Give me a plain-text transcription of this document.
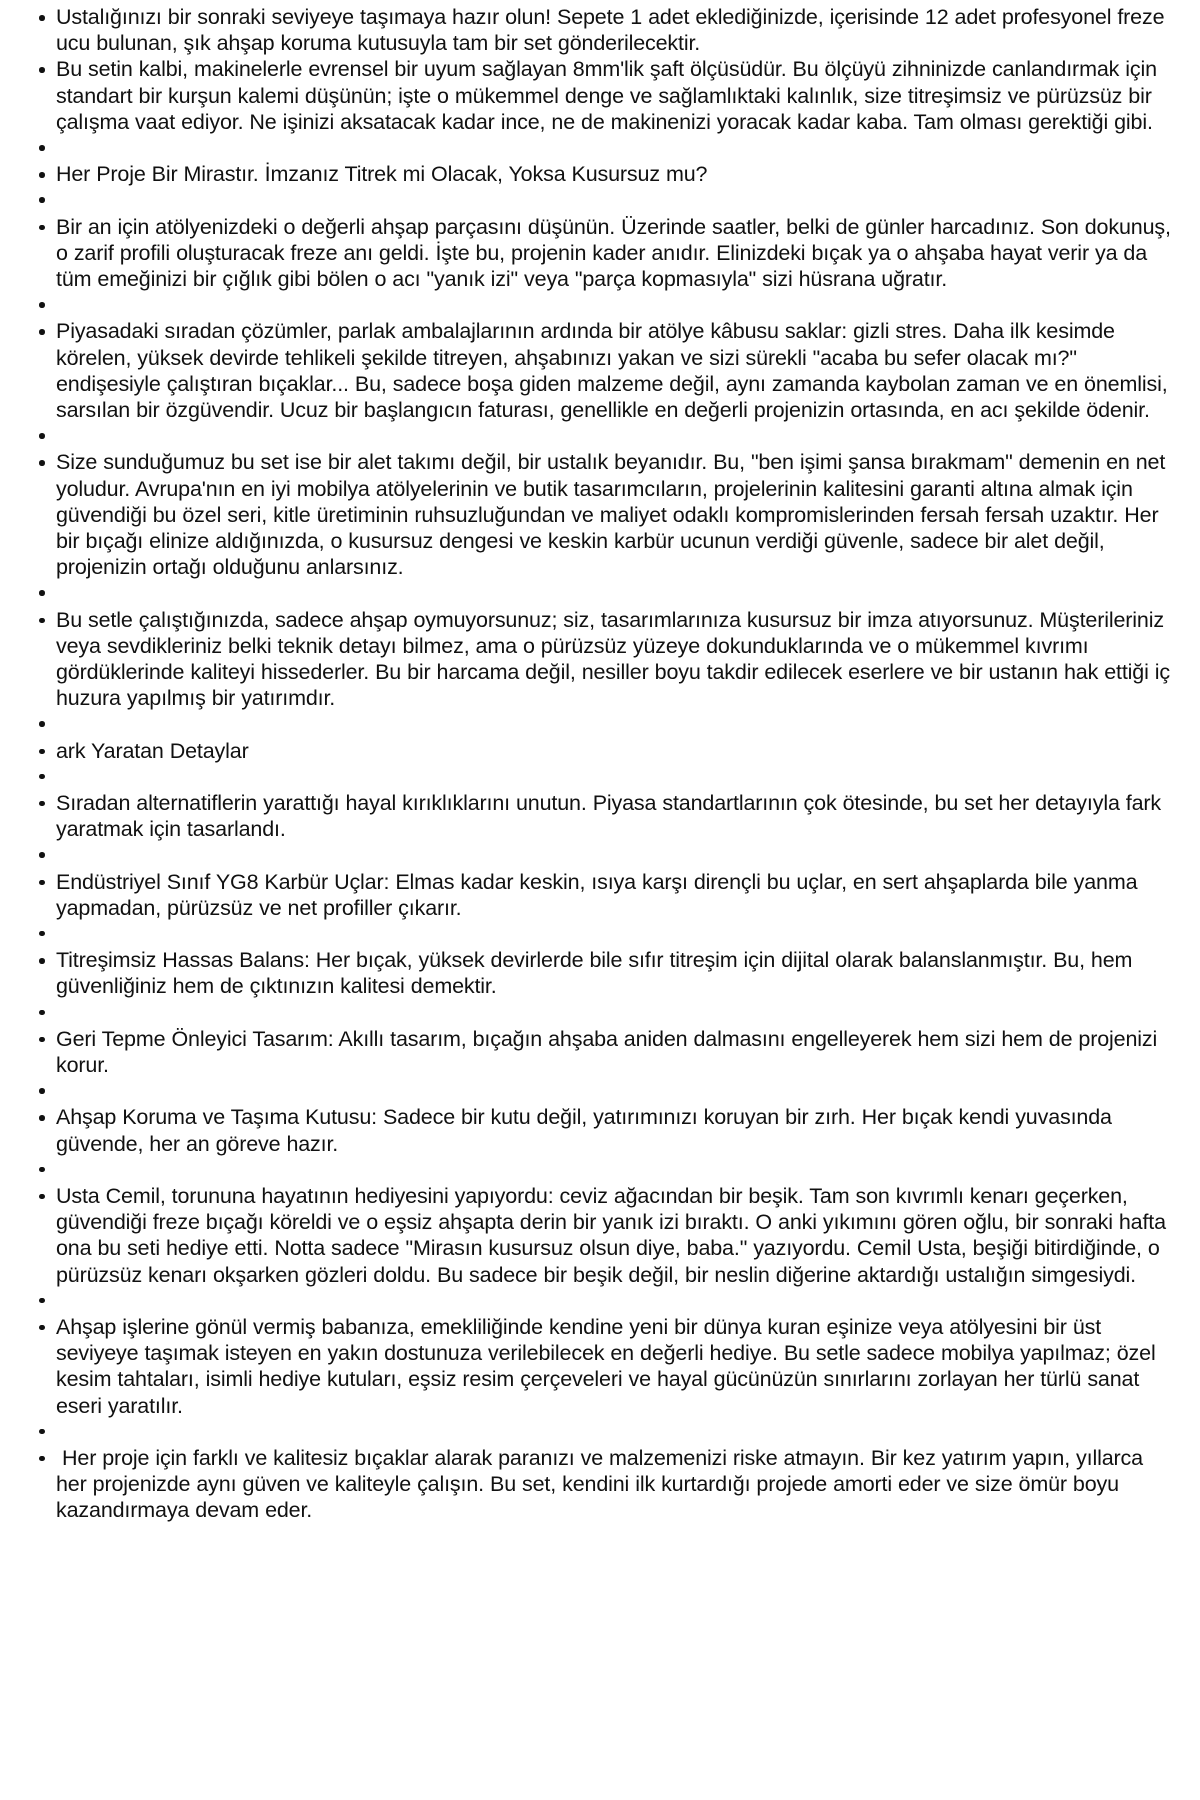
Ustalığınızı bir sonraki seviyeye taşımaya hazır olun! Sepete 1 adet eklediğinizde, içerisinde 12 adet profesyonel freze ucu bulunan, şık ahşap koruma kutusuyla tam bir set gönderilecektir.
Bu setin kalbi, makinelerle evrensel bir uyum sağlayan 8mm'lik şaft ölçüsüdür. Bu ölçüyü zihninizde canlandırmak için standart bir kurşun kalemi düşünün; işte o mükemmel denge ve sağlamlıktaki kalınlık, size titreşimsiz ve pürüzsüz bir çalışma vaat ediyor. Ne işinizi aksatacak kadar ince, ne de makinenizi yoracak kadar kaba. Tam olması gerektiği gibi.
Her Proje Bir Mirastır. İmzanız Titrek mi Olacak, Yoksa Kusursuz mu?
Bir an için atölyenizdeki o değerli ahşap parçasını düşünün. Üzerinde saatler, belki de günler harcadınız. Son dokunuş, o zarif profili oluşturacak freze anı geldi. İşte bu, projenin kader anıdır. Elinizdeki bıçak ya o ahşaba hayat verir ya da tüm emeğinizi bir çığlık gibi bölen o acı "yanık izi" veya "parça kopmasıyla" sizi hüsrana uğratır.
Piyasadaki sıradan çözümler, parlak ambalajlarının ardında bir atölye kâbusu saklar: gizli stres. Daha ilk kesimde körelen, yüksek devirde tehlikeli şekilde titreyen, ahşabınızı yakan ve sizi sürekli "acaba bu sefer olacak mı?" endişesiyle çalıştıran bıçaklar... Bu, sadece boşa giden malzeme değil, aynı zamanda kaybolan zaman ve en önemlisi, sarsılan bir özgüvendir. Ucuz bir başlangıcın faturası, genellikle en değerli projenizin ortasında, en acı şekilde ödenir.
Size sunduğumuz bu set ise bir alet takımı değil, bir ustalık beyanıdır. Bu, "ben işimi şansa bırakmam" demenin en net yoludur. Avrupa'nın en iyi mobilya atölyelerinin ve butik tasarımcıların, projelerinin kalitesini garanti altına almak için güvendiği bu özel seri, kitle üretiminin ruhsuzluğundan ve maliyet odaklı kompromislerinden fersah fersah uzaktır. Her bir bıçağı elinize aldığınızda, o kusursuz dengesi ve keskin karbür ucunun verdiği güvenle, sadece bir alet değil, projenizin ortağı olduğunu anlarsınız.
Bu setle çalıştığınızda, sadece ahşap oymuyorsunuz; siz, tasarımlarınıza kusursuz bir imza atıyorsunuz. Müşterileriniz veya sevdikleriniz belki teknik detayı bilmez, ama o pürüzsüz yüzeye dokunduklarında ve o mükemmel kıvrımı gördüklerinde kaliteyi hissederler. Bu bir harcama değil, nesiller boyu takdir edilecek eserlere ve bir ustanın hak ettiği iç huzura yapılmış bir yatırımdır.
ark Yaratan Detaylar
Sıradan alternatiflerin yarattığı hayal kırıklıklarını unutun. Piyasa standartlarının çok ötesinde, bu set her detayıyla fark yaratmak için tasarlandı.
Endüstriyel Sınıf YG8 Karbür Uçlar: Elmas kadar keskin, ısıya karşı dirençli bu uçlar, en sert ahşaplarda bile yanma yapmadan, pürüzsüz ve net profiller çıkarır.
Titreşimsiz Hassas Balans: Her bıçak, yüksek devirlerde bile sıfır titreşim için dijital olarak balanslanmıştır. Bu, hem güvenliğiniz hem de çıktınızın kalitesi demektir.
Geri Tepme Önleyici Tasarım: Akıllı tasarım, bıçağın ahşaba aniden dalmasını engelleyerek hem sizi hem de projenizi korur.
Ahşap Koruma ve Taşıma Kutusu: Sadece bir kutu değil, yatırımınızı koruyan bir zırh. Her bıçak kendi yuvasında güvende, her an göreve hazır.
Usta Cemil, torununa hayatının hediyesini yapıyordu: ceviz ağacından bir beşik. Tam son kıvrımlı kenarı geçerken, güvendiği freze bıçağı köreldi ve o eşsiz ahşapta derin bir yanık izi bıraktı. O anki yıkımını gören oğlu, bir sonraki hafta ona bu seti hediye etti. Notta sadece "Mirasın kusursuz olsun diye, baba." yazıyordu. Cemil Usta, beşiği bitirdiğinde, o pürüzsüz kenarı okşarken gözleri doldu. Bu sadece bir beşik değil, bir neslin diğerine aktardığı ustalığın simgesiydi.
Ahşap işlerine gönül vermiş babanıza, emekliliğinde kendine yeni bir dünya kuran eşinize veya atölyesini bir üst seviyeye taşımak isteyen en yakın dostunuza verilebilecek en değerli hediye. Bu setle sadece mobilya yapılmaz; özel kesim tahtaları, isimli hediye kutuları, eşsiz resim çerçeveleri ve hayal gücünüzün sınırlarını zorlayan her türlü sanat eseri yaratılır.
Her proje için farklı ve kalitesiz bıçaklar alarak paranızı ve malzemenizi riske atmayın. Bir kez yatırım yapın, yıllarca her projenizde aynı güven ve kaliteyle çalışın. Bu set, kendini ilk kurtardığı projede amorti eder ve size ömür boyu kazandırmaya devam eder.
